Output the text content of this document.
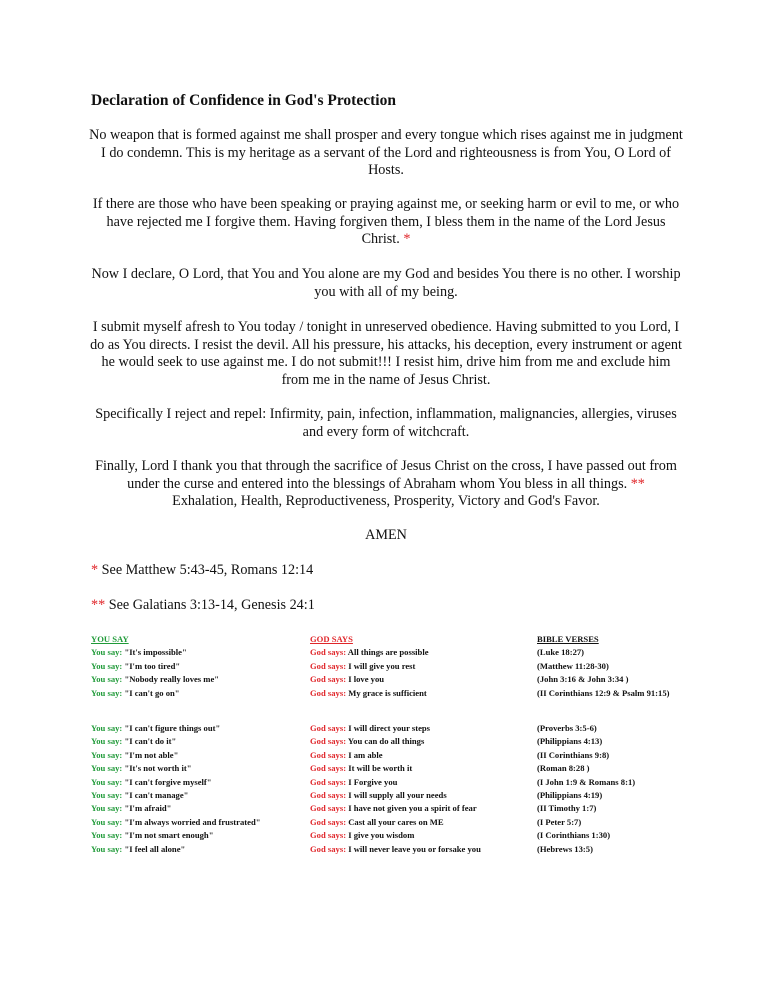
Declaration of Confidence in God's Protection
No weapon that is formed against me shall prosper and every tongue which rises against me in judgment I do condemn. This is my heritage as a servant of the Lord and righteousness is from You, O Lord of Hosts.
If there are those who have been speaking or praying against me, or seeking harm or evil to me, or who have rejected me I forgive them. Having forgiven them, I bless them in the name of the Lord Jesus Christ. *
Now I declare, O Lord, that You and You alone are my God and besides You there is no other. I worship you with all of my being.
I submit myself afresh to You today / tonight in unreserved obedience. Having submitted to you Lord, I do as You directs. I resist the devil. All his pressure, his attacks, his deception, every instrument or agent he would seek to use against me. I do not submit!!! I resist him, drive him from me and exclude him from me in the name of Jesus Christ.
Specifically I reject and repel: Infirmity, pain, infection, inflammation, malignancies, allergies, viruses and every form of witchcraft.
Finally, Lord I thank you that through the sacrifice of Jesus Christ on the cross, I have passed out from under the curse and entered into the blessings of Abraham whom You bless in all things. **
Exhalation, Health, Reproductiveness, Prosperity, Victory and God's Favor.
AMEN
* See Matthew 5:43-45, Romans 12:14
** See Galatians 3:13-14, Genesis 24:1
YOU SAY
You say: "It's impossible"
You say: "I'm too tired"
You say: "Nobody really loves me"
You say: "I can't go on"
You say: "I can't figure things out"
You say: "I can't do it"
You say: "I'm not able"
You say: "It's not worth it"
You say: "I can't forgive myself"
You say: "I can't manage"
You say: "I'm afraid"
You say: "I'm always worried and frustrated"
You say: "I'm not smart enough"
You say: "I feel all alone"
GOD SAYS
God says: All things are possible
God says: I will give you rest
God says: I love you
God says: My grace is sufficient
God says: I will direct your steps
God says: You can do all things
God says: I am able
God says: It will be worth it
God says: I Forgive you
God says: I will supply all your needs
God says: I have not given you a spirit of fear
God says: Cast all your cares on ME
God says: I give you wisdom
God says: I will never leave you or forsake you
BIBLE VERSES
(Luke 18:27)
(Matthew 11:28-30)
(John 3:16 & John 3:34 )
(II Corinthians 12:9 & Psalm 91:15)
(Proverbs 3:5-6)
(Philippians 4:13)
(II Corinthians 9:8)
(Roman 8:28 )
(I John 1:9 & Romans 8:1)
(Philippians 4:19)
(II Timothy 1:7)
(I Peter 5:7)
(I Corinthians 1:30)
(Hebrews 13:5)
